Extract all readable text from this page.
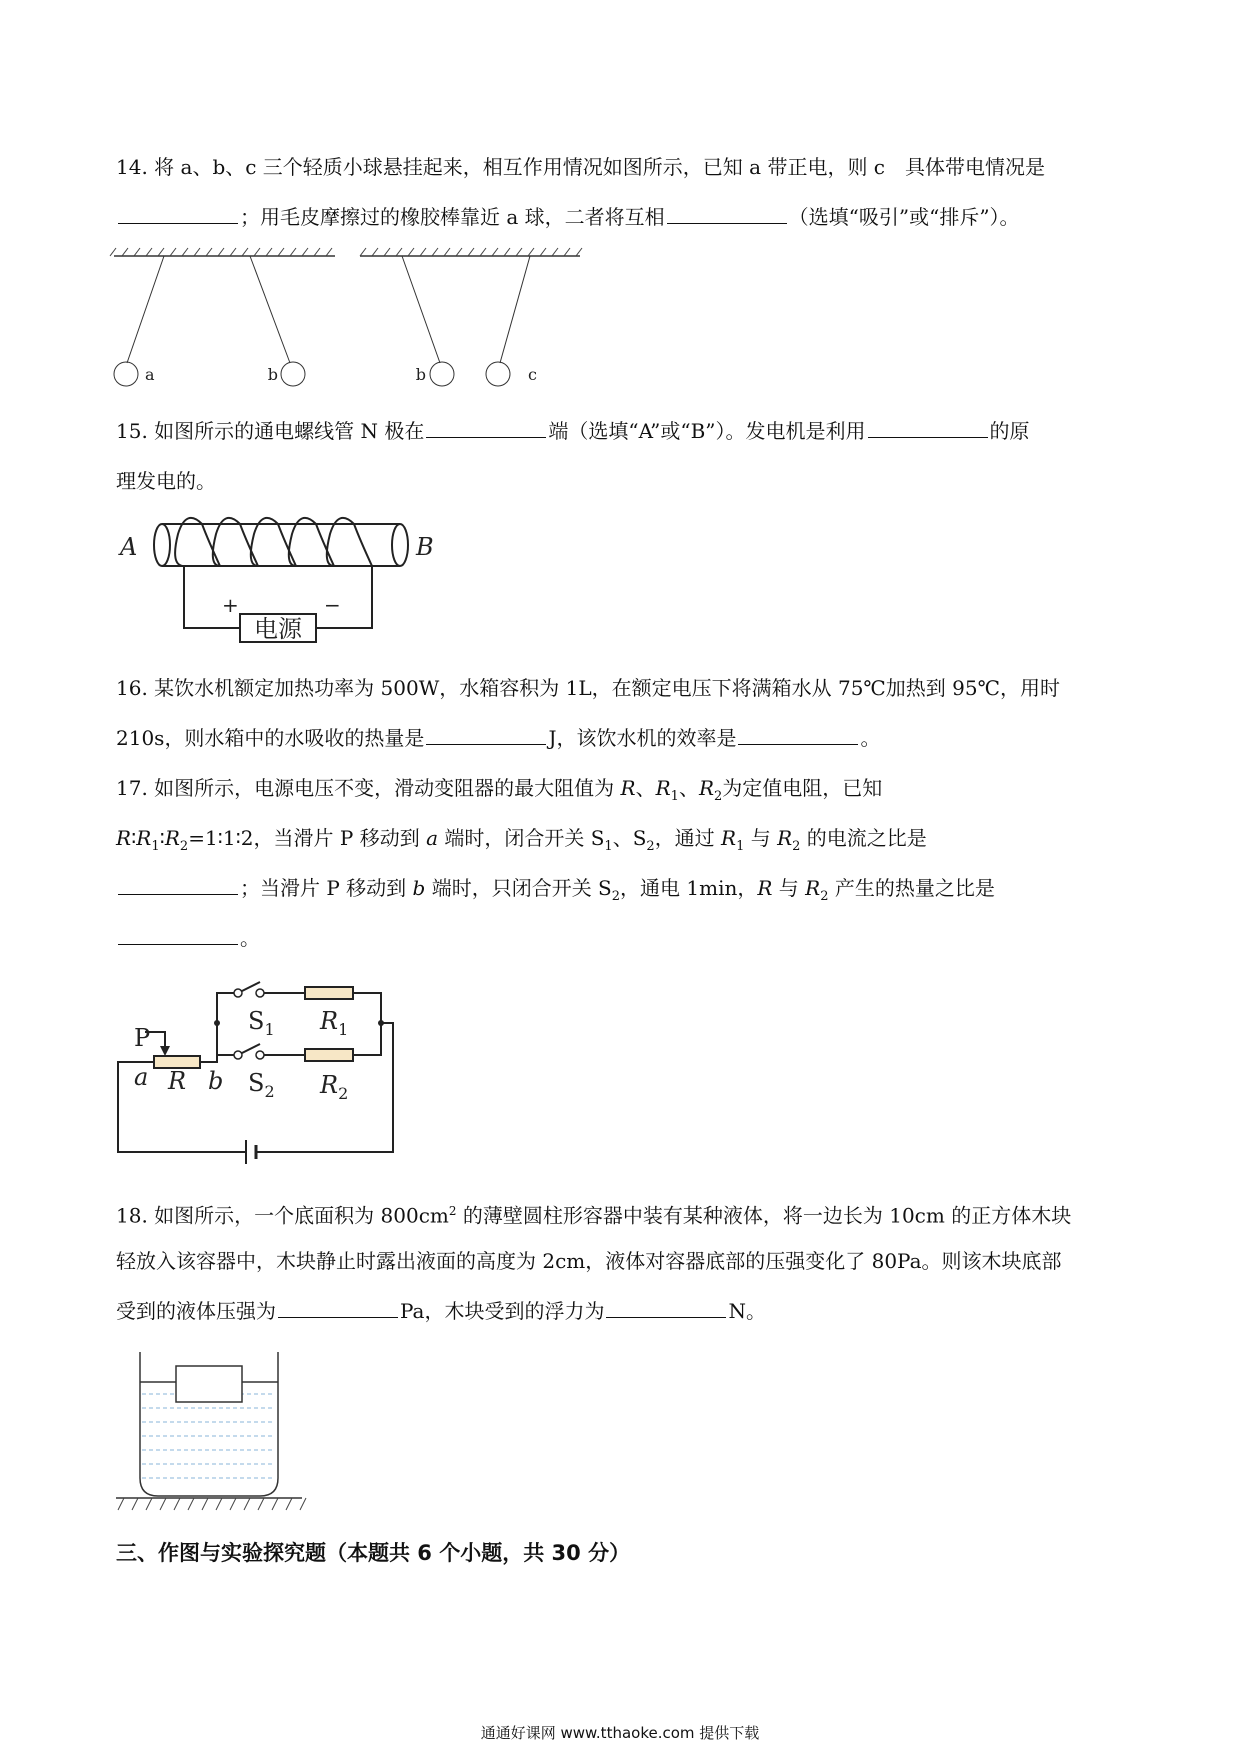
14. 将 a、b、c 三个轻质小球悬挂起来，相互作用情况如图所示，已知 a 带正电，则 c　具体带电情况是
；用毛皮摩擦过的橡胶棒靠近 a 球，二者将互相	（选填“吸引”或“排斥”）。
a	b	b	c
15. 如图所示的通电螺线管 N 极在	端（选填“A”或“B”）。发电机是利用	的原
理发电的。
A	B
+	−
电源
16. 某饮水机额定加热功率为 500W，水箱容积为 1L，在额定电压下将满箱水从 75℃加热到 95℃，用时
210s，则水箱中的水吸收的热量是	J，该饮水机的效率是	。
17. 如图所示，电源电压不变，滑动变阻器的最大阻值为 R、$R_1$、$R_2$为定值电阻，已知
$R∶R_1∶R_2=1∶1∶2$，当滑片 P 移动到 a 端时，闭合开关 $S_1$、$S_2$，通过 $R_1$ 与 $R_2$ 的电流之比是
；当滑片 P 移动到 b 端时，只闭合开关 $S_2$，通电 1min，R 与 $R_2$ 产生的热量之比是
。
P
a R b
$S_1$ $R_1$
$S_2$ $R_2$
18. 如图所示，一个底面积为 $800cm^2$ 的薄壁圆柱形容器中装有某种液体，将一边长为 10cm 的正方体木块
轻放入该容器中，木块静止时露出液面的高度为 2cm，液体对容器底部的压强变化了 80Pa。则该木块底部
受到的液体压强为	Pa，木块受到的浮力为	N。
三、作图与实验探究题（本题共 6 个小题，共 30 分）
通通好课网 www.tthaoke.com 提供下载
